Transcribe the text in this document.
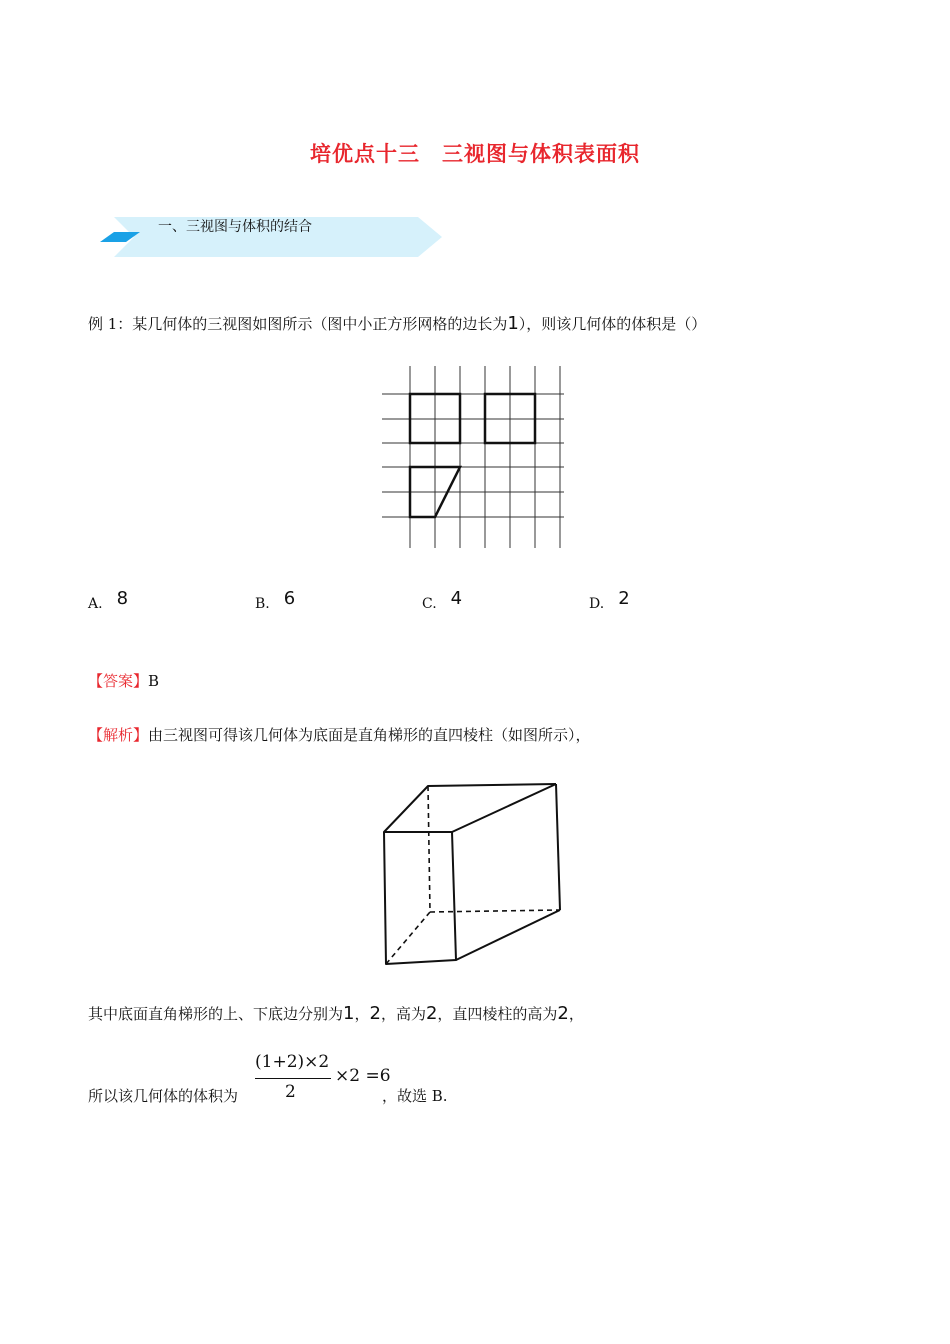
培优点十三　三视图与体积表面积
一、三视图与体积的结合
例 1：某几何体的三视图如图所示（图中小正方形网格的边长为1），则该几何体的体积是（）
A. 8	B. 6	C. 4	D. 2
【答案】B
【解析】由三视图可得该几何体为底面是直角梯形的直四棱柱（如图所示），
其中底面直角梯形的上、下底边分别为1，2，高为2，直四棱柱的高为2，
所以该几何体的体积为
(1+2)×2
2
×2 =6
，故选 B.
